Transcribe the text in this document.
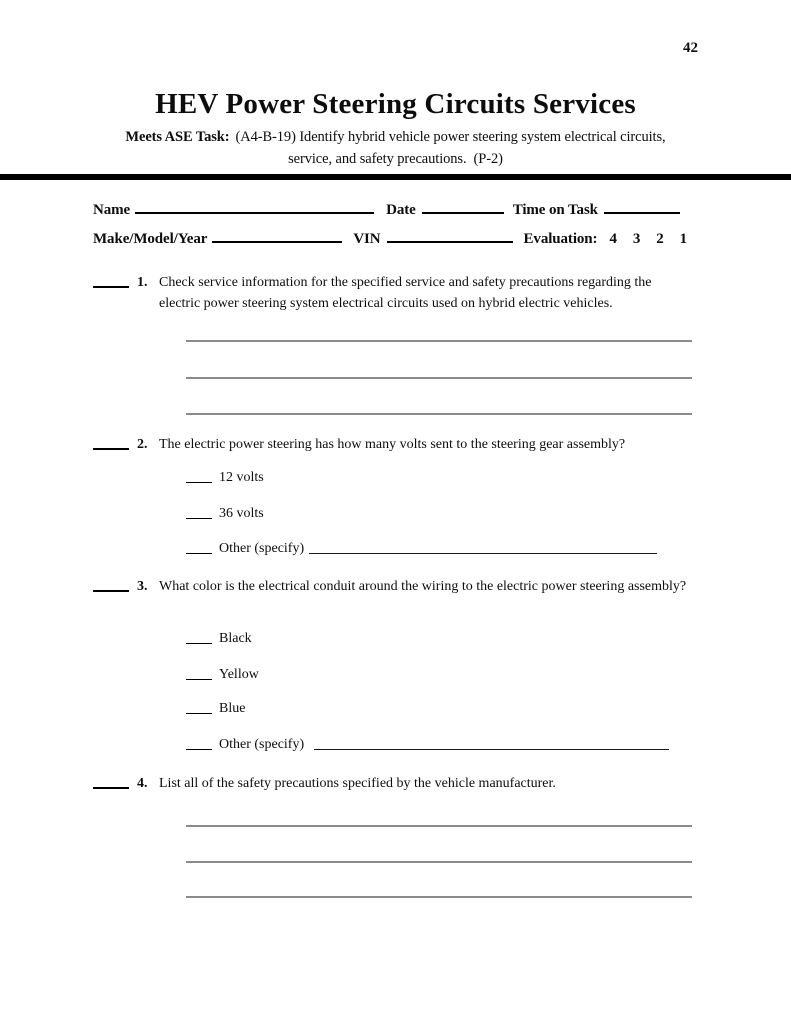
42
HEV Power Steering Circuits Services
Meets ASE Task: (A4-B-19) Identify hybrid vehicle power steering system electrical circuits,
service, and safety precautions.  (P-2)
Name	Date	Time on Task
Make/Model/Year	VIN	Evaluation: 4 3 2 1
1. Check service information for the specified service and safety precautions regarding the electric power steering system electrical circuits used on hybrid electric vehicles.
2. The electric power steering has how many volts sent to the steering gear assembly?
12 volts
36 volts
Other (specify)
3. What color is the electrical conduit around the wiring to the electric power steering assembly?
Black
Yellow
Blue
Other (specify)
4. List all of the safety precautions specified by the vehicle manufacturer.
